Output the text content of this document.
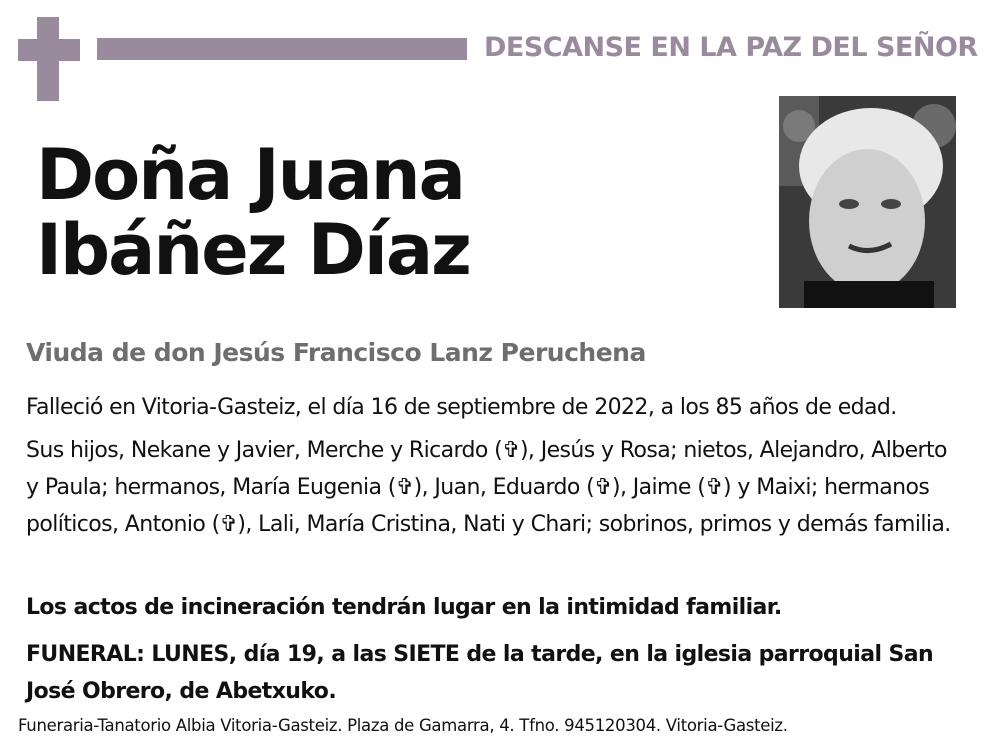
DESCANSE EN LA PAZ DEL SEÑOR
Doña Juana
Ibáñez Díaz
Viuda de don Jesús Francisco Lanz Peruchena
Falleció en Vitoria-Gasteiz, el día 16 de septiembre de 2022, a los 85 años de edad.
Sus hijos, Nekane y Javier, Merche y Ricardo (✞), Jesús y Rosa; nietos, Alejandro, Alberto y Paula; hermanos, María Eugenia (✞), Juan, Eduardo (✞), Jaime (✞) y Maixi; hermanos políticos, Antonio (✞), Lali, María Cristina, Nati y Chari; sobrinos, primos y demás familia.
Los actos de incineración tendrán lugar en la intimidad familiar.
FUNERAL: LUNES, día 19, a las SIETE de la tarde, en la iglesia parroquial San José Obrero, de Abetxuko.
Funeraria-Tanatorio Albia Vitoria-Gasteiz. Plaza de Gamarra, 4. Tfno. 945120304. Vitoria-Gasteiz.
